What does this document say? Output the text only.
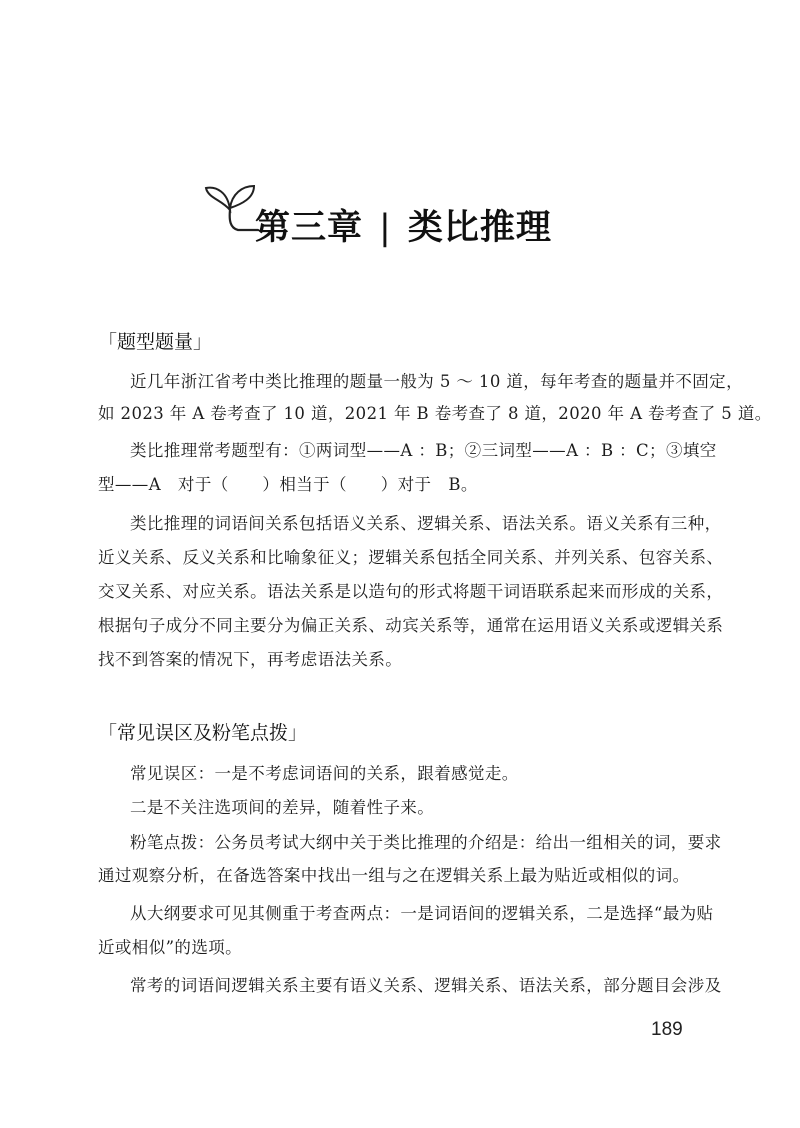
第三章 | 类比推理
「题型题量」
近几年浙江省考中类比推理的题量一般为 5 ～ 10 道，每年考查的题量并不固定，
如 2023 年 A 卷考查了 10 道，2021 年 B 卷考查了 8 道，2020 年 A 卷考查了 5 道。
类比推理常考题型有：①两词型——A ：B；②三词型——A ：B ：C；③填空
型——A　对于（　　）相当于（　　）对于　B。
类比推理的词语间关系包括语义关系、逻辑关系、语法关系。语义关系有三种，
近义关系、反义关系和比喻象征义；逻辑关系包括全同关系、并列关系、包容关系、
交叉关系、对应关系。语法关系是以造句的形式将题干词语联系起来而形成的关系，
根据句子成分不同主要分为偏正关系、动宾关系等，通常在运用语义关系或逻辑关系
找不到答案的情况下，再考虑语法关系。
「常见误区及粉笔点拨」
常见误区：一是不考虑词语间的关系，跟着感觉走。
二是不关注选项间的差异，随着性子来。
粉笔点拨：公务员考试大纲中关于类比推理的介绍是：给出一组相关的词，要求
通过观察分析，在备选答案中找出一组与之在逻辑关系上最为贴近或相似的词。
从大纲要求可见其侧重于考查两点：一是词语间的逻辑关系，二是选择“最为贴
近或相似”的选项。
常考的词语间逻辑关系主要有语义关系、逻辑关系、语法关系，部分题目会涉及
189
